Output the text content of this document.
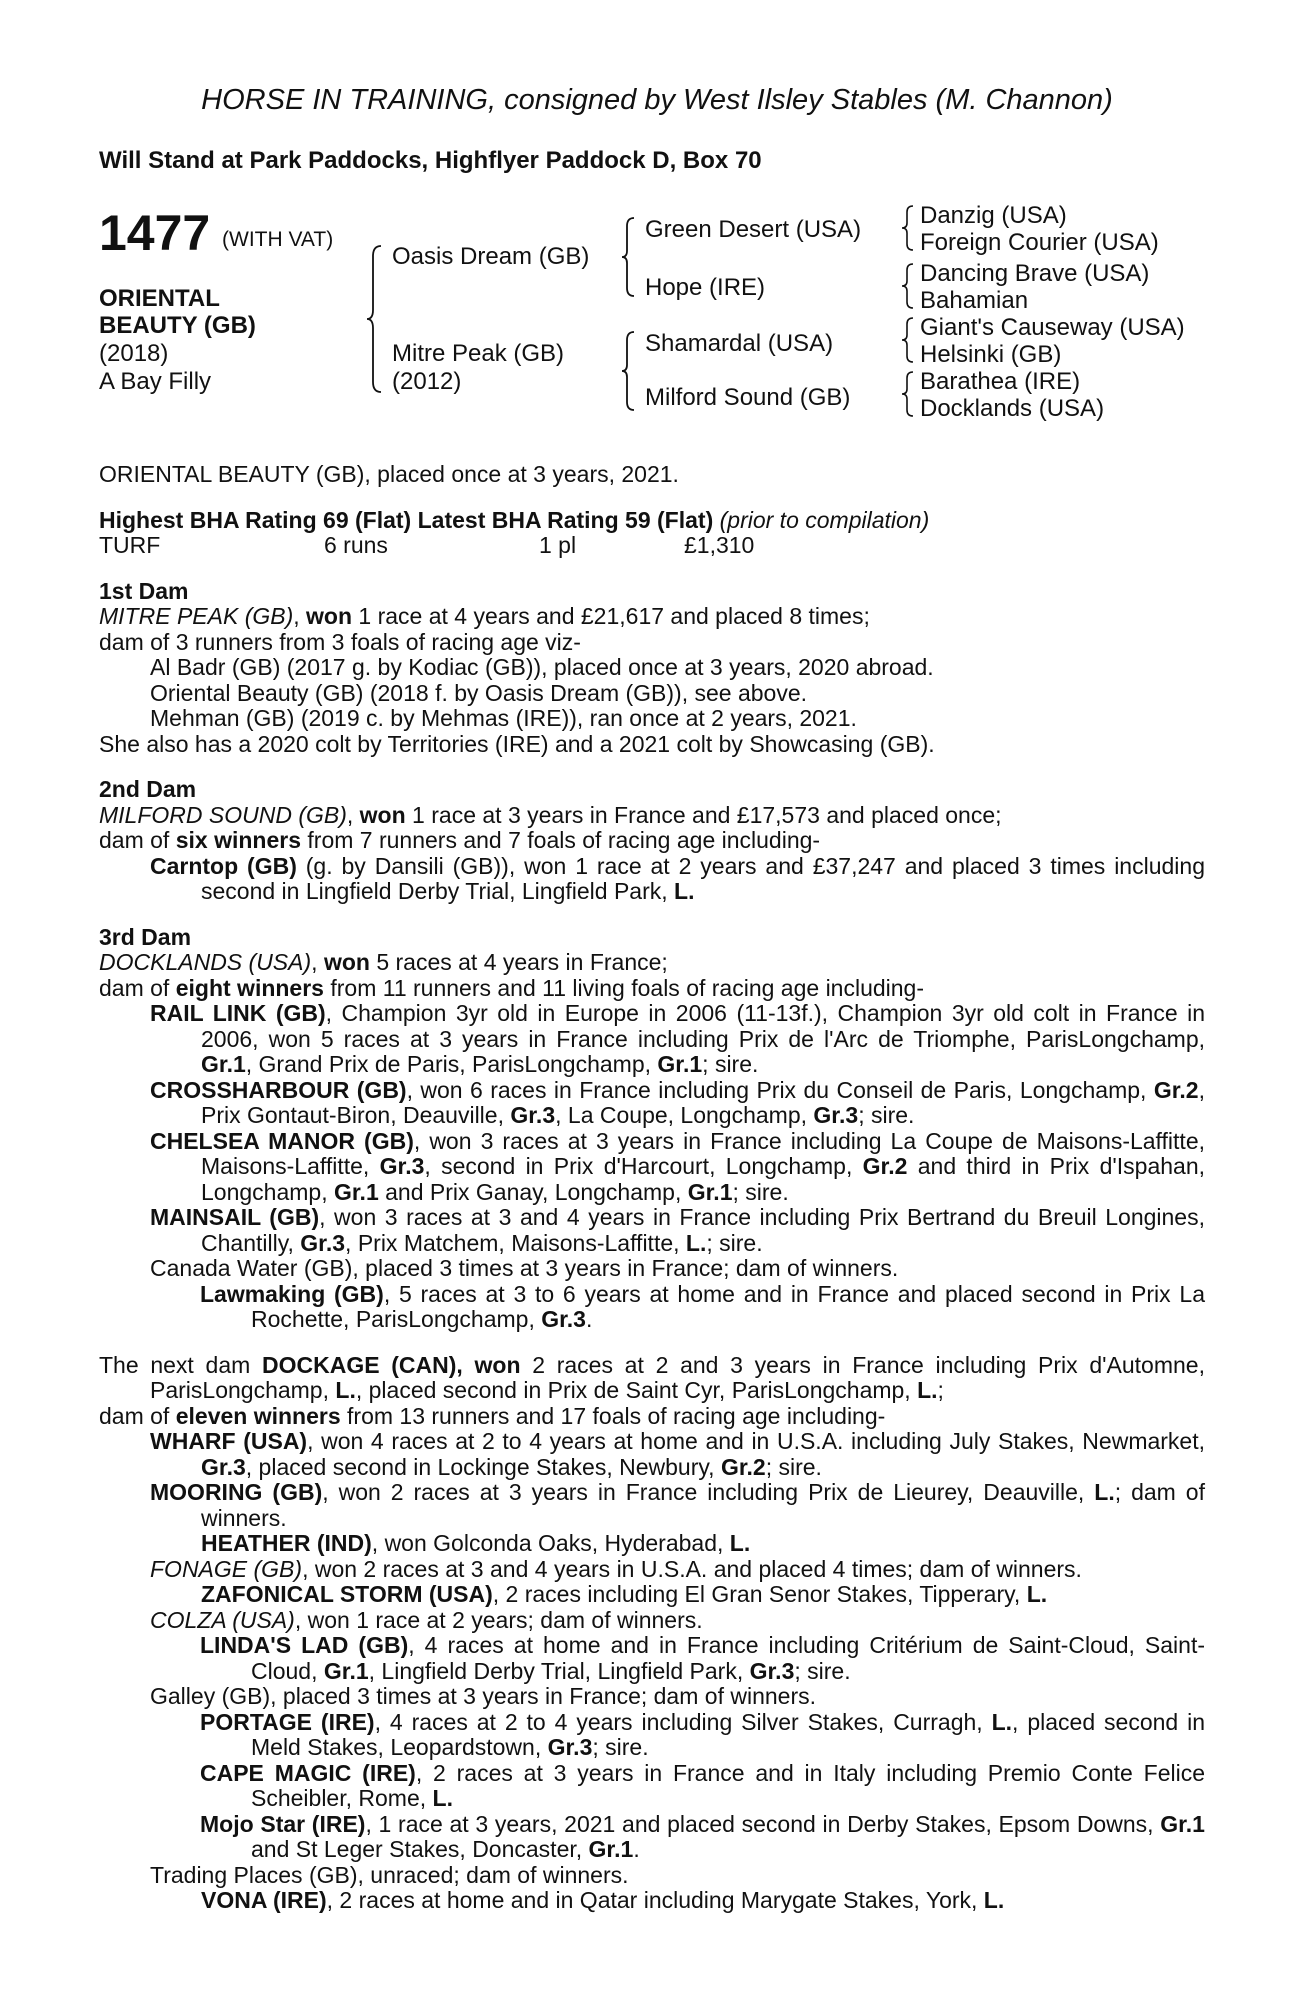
HORSE IN TRAINING, consigned by West Ilsley Stables (M. Channon)
Will Stand at Park Paddocks, Highflyer Paddock D, Box 70
1477 (WITH VAT)
ORIENTAL
BEAUTY (GB)
(2018)
A Bay Filly
Oasis Dream (GB)
Mitre Peak (GB)
(2012)
Green Desert (USA)
Hope (IRE)
Shamardal (USA)
Milford Sound (GB)
Danzig (USA)
Foreign Courier (USA)
Dancing Brave (USA)
Bahamian
Giant's Causeway (USA)
Helsinki (GB)
Barathea (IRE)
Docklands (USA)

ORIENTAL BEAUTY (GB), placed once at 3 years, 2021.

Highest BHA Rating 69 (Flat) Latest BHA Rating 59 (Flat) (prior to compilation)

TURF	6 runs	1 pl	£1,310

1st Dam

MITRE PEAK (GB), won 1 race at 4 years and £21,617 and placed 8 times;

dam of 3 runners from 3 foals of racing age viz-

Al Badr (GB) (2017 g. by Kodiac (GB)), placed once at 3 years, 2020 abroad.

Oriental Beauty (GB) (2018 f. by Oasis Dream (GB)), see above.

Mehman (GB) (2019 c. by Mehmas (IRE)), ran once at 2 years, 2021.

She also has a 2020 colt by Territories (IRE) and a 2021 colt by Showcasing (GB).

2nd Dam

MILFORD SOUND (GB), won 1 race at 3 years in France and £17,573 and placed once;

dam of six winners from 7 runners and 7 foals of racing age including-

Carntop (GB) (g. by Dansili (GB)), won 1 race at 2 years and £37,247 and placed 3 times including second in Lingfield Derby Trial, Lingfield Park, L.

3rd Dam

DOCKLANDS (USA), won 5 races at 4 years in France;

dam of eight winners from 11 runners and 11 living foals of racing age including-

RAIL LINK (GB), Champion 3yr old in Europe in 2006 (11-13f.), Champion 3yr old colt in France in 2006, won 5 races at 3 years in France including Prix de l'Arc de Triomphe, ParisLongchamp, Gr.1, Grand Prix de Paris, ParisLongchamp, Gr.1; sire.

CROSSHARBOUR (GB), won 6 races in France including Prix du Conseil de Paris, Longchamp, Gr.2, Prix Gontaut-Biron, Deauville, Gr.3, La Coupe, Longchamp, Gr.3; sire.

CHELSEA MANOR (GB), won 3 races at 3 years in France including La Coupe de Maisons-Laffitte, Maisons-Laffitte, Gr.3, second in Prix d'Harcourt, Longchamp, Gr.2 and third in Prix d'Ispahan, Longchamp, Gr.1 and Prix Ganay, Longchamp, Gr.1; sire.

MAINSAIL (GB), won 3 races at 3 and 4 years in France including Prix Bertrand du Breuil Longines, Chantilly, Gr.3, Prix Matchem, Maisons-Laffitte, L.; sire.

Canada Water (GB), placed 3 times at 3 years in France; dam of winners.

Lawmaking (GB), 5 races at 3 to 6 years at home and in France and placed second in Prix La Rochette, ParisLongchamp, Gr.3.

The next dam DOCKAGE (CAN), won 2 races at 2 and 3 years in France including Prix d'Automne, ParisLongchamp, L., placed second in Prix de Saint Cyr, ParisLongchamp, L.;

dam of eleven winners from 13 runners and 17 foals of racing age including-

WHARF (USA), won 4 races at 2 to 4 years at home and in U.S.A. including July Stakes, Newmarket, Gr.3, placed second in Lockinge Stakes, Newbury, Gr.2; sire.

MOORING (GB), won 2 races at 3 years in France including Prix de Lieurey, Deauville, L.; dam of winners.

HEATHER (IND), won Golconda Oaks, Hyderabad, L.

FONAGE (GB), won 2 races at 3 and 4 years in U.S.A. and placed 4 times; dam of winners.

ZAFONICAL STORM (USA), 2 races including El Gran Senor Stakes, Tipperary, L.

COLZA (USA), won 1 race at 2 years; dam of winners.

LINDA'S LAD (GB), 4 races at home and in France including Critérium de Saint-Cloud, Saint-Cloud, Gr.1, Lingfield Derby Trial, Lingfield Park, Gr.3; sire.

Galley (GB), placed 3 times at 3 years in France; dam of winners.

PORTAGE (IRE), 4 races at 2 to 4 years including Silver Stakes, Curragh, L., placed second in Meld Stakes, Leopardstown, Gr.3; sire.

CAPE MAGIC (IRE), 2 races at 3 years in France and in Italy including Premio Conte Felice Scheibler, Rome, L.

Mojo Star (IRE), 1 race at 3 years, 2021 and placed second in Derby Stakes, Epsom Downs, Gr.1 and St Leger Stakes, Doncaster, Gr.1.

Trading Places (GB), unraced; dam of winners.

VONA (IRE), 2 races at home and in Qatar including Marygate Stakes, York, L.
